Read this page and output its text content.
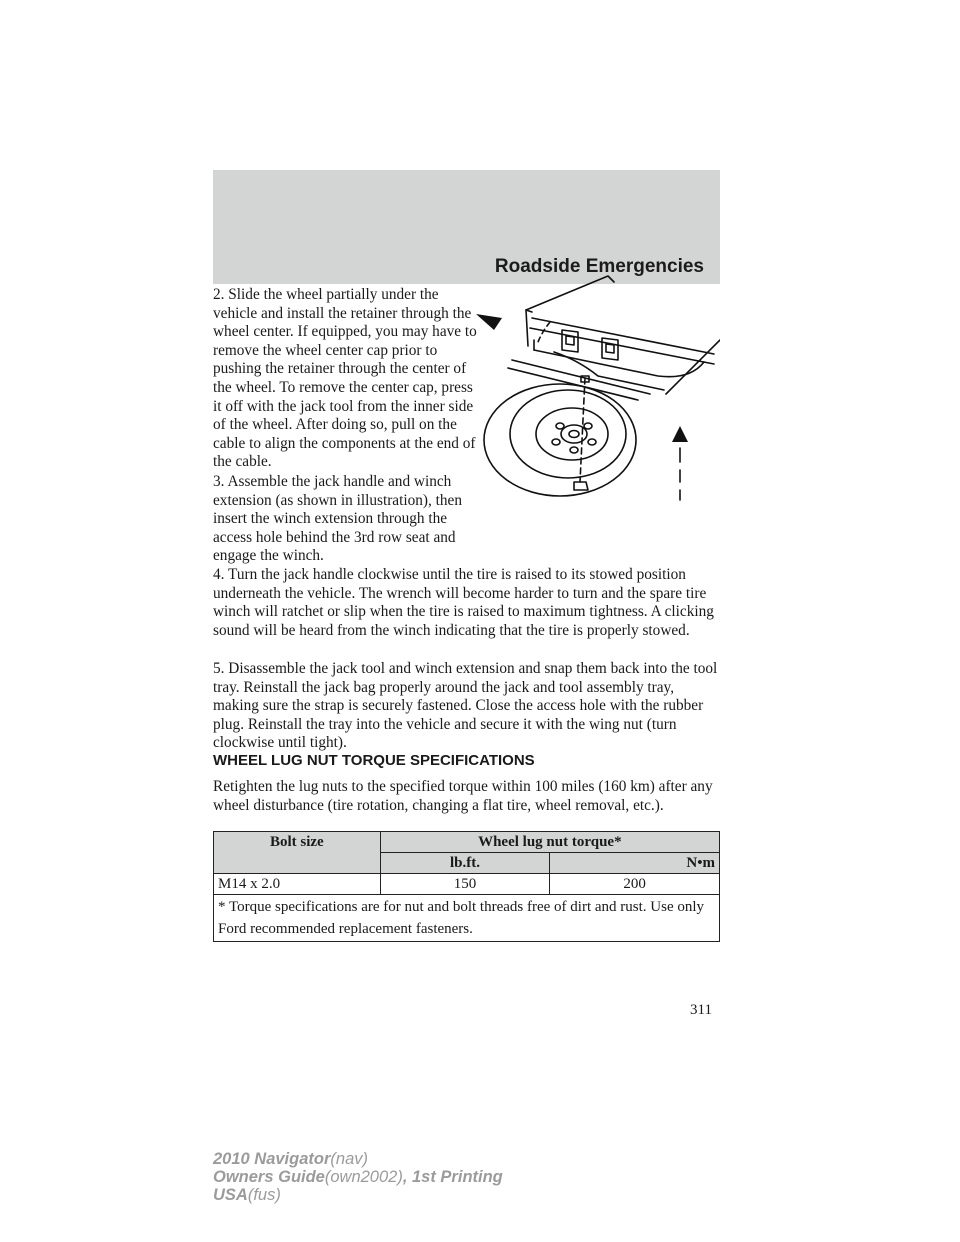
Roadside Emergencies

2. Slide the wheel partially under the vehicle and install the retainer through the wheel center. If equipped, you may have to remove the wheel center cap prior to pushing the retainer through the center of the wheel. To remove the center cap, press it off with the jack tool from the inner side of the wheel. After doing so, pull on the cable to align the components at the end of the cable.

3. Assemble the jack handle and winch extension (as shown in illustration), then insert the winch extension through the access hole behind the 3rd row seat and engage the winch.

4. Turn the jack handle clockwise until the tire is raised to its stowed position underneath the vehicle. The wrench will become harder to turn and the spare tire winch will ratchet or slip when the tire is raised to maximum tightness. A clicking sound will be heard from the winch indicating that the tire is properly stowed.

5. Disassemble the jack tool and winch extension and snap them back into the tool tray. Reinstall the jack bag properly around the jack and tool assembly tray, making sure the strap is securely fastened. Close the access hole with the rubber plug. Reinstall the tray into the vehicle and secure it with the wing nut (turn clockwise until tight).

WHEEL LUG NUT TORQUE SPECIFICATIONS

Retighten the lug nuts to the specified torque within 100 miles (160 km) after any wheel disturbance (tire rotation, changing a flat tire, wheel removal, etc.).

Bolt size	Wheel lug nut torque*	
	lb.ft.	N•m
M14 x 2.0	150	200
* Torque specifications are for nut and bolt threads free of dirt and rust. Use only Ford recommended replacement fasteners.		
311
2010 Navigator(nav)
Owners Guide(own2002), 1st Printing
USA(fus)
